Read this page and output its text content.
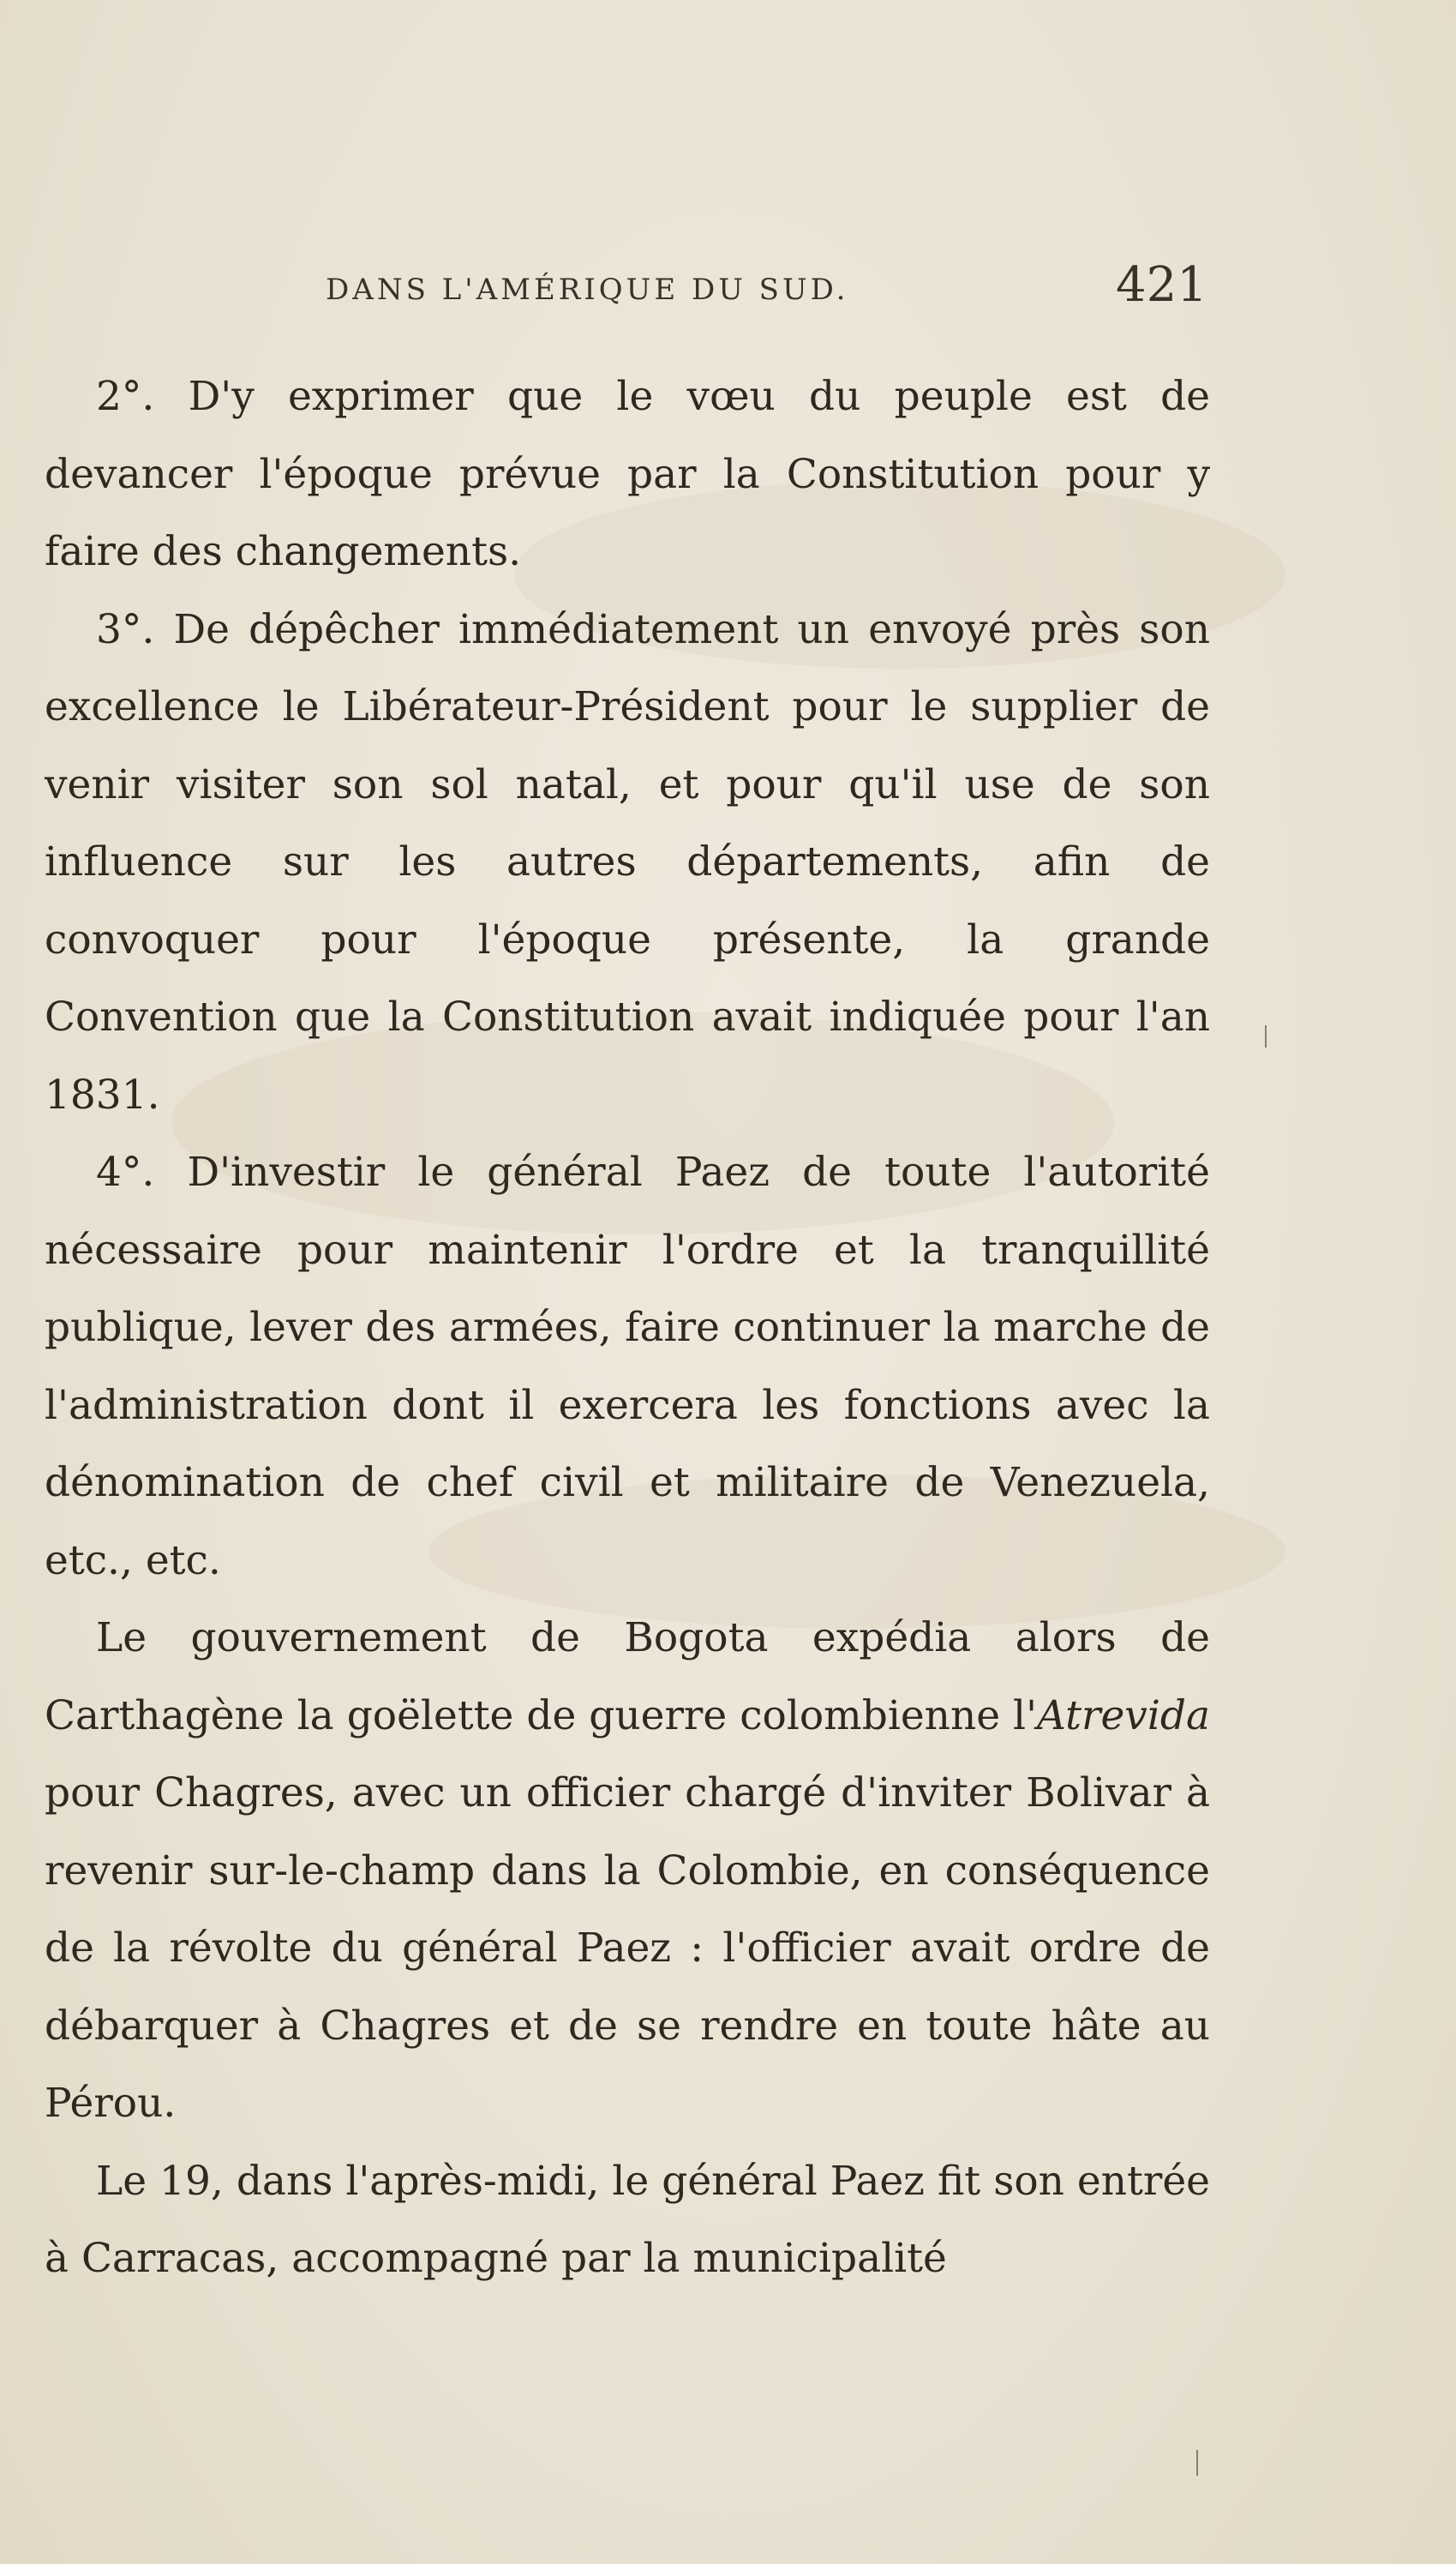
DANS L'AMÉRIQUE DU SUD.	421

2°. D'y exprimer que le vœu du peuple est de devancer l'époque prévue par la Constitution pour y faire des changements.

3°. De dépêcher immédiatement un envoyé près son excellence le Libérateur-Président pour le supplier de venir visiter son sol natal, et pour qu'il use de son influence sur les autres départements, afin de convoquer pour l'époque présente, la grande Convention que la Constitution avait indiquée pour l'an 1831.

4°. D'investir le général Paez de toute l'autorité nécessaire pour maintenir l'ordre et la tranquillité publique, lever des armées, faire continuer la marche de l'administration dont il exercera les fonctions avec la dénomination de chef civil et militaire de Venezuela, etc., etc.

Le gouvernement de Bogota expédia alors de Carthagène la goëlette de guerre colombienne l'Atrevida pour Chagres, avec un officier chargé d'inviter Bolivar à revenir sur-le-champ dans la Colombie, en conséquence de la révolte du général Paez : l'officier avait ordre de débarquer à Chagres et de se rendre en toute hâte au Pérou.

Le 19, dans l'après-midi, le général Paez fit son entrée à Carracas, accompagné par la municipalité
